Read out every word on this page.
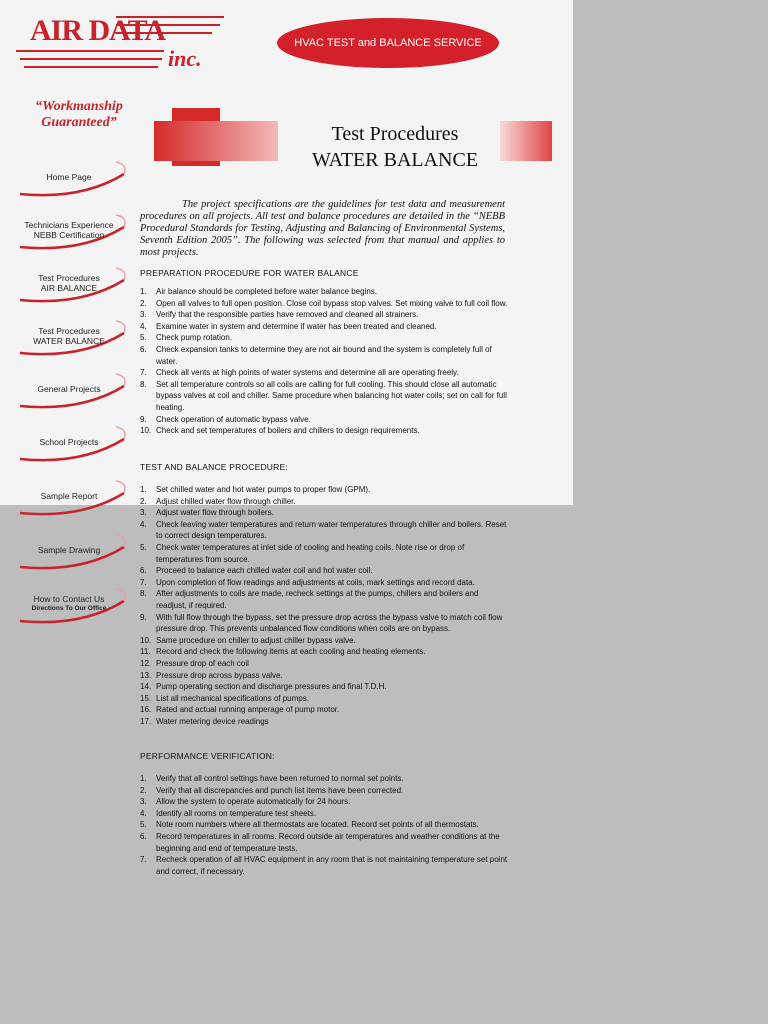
AIR DATA
inc.
HVAC TEST and BALANCE SERVICE
“Workmanship Guaranteed”
Home Page
Technicians Experience
NEBB Certification
Test Procedures
AIR BALANCE
Test Procedures
WATER BALANCE
General Projects
School Projects
Sample Report
Sample Drawing
How to Contact Us
Directions To Our Office
Test Procedures
WATER BALANCE
The project specifications are the guidelines for test data and measurement procedures on all projects. All test and balance procedures are detailed in the “NEBB Procedural Standards for Testing, Adjusting and Balancing of Environmental Systems, Seventh Edition 2005”. The following was selected from that manual and applies to most projects.
PREPARATION PROCEDURE FOR WATER BALANCE
1. Air balance should be completed before water balance begins.
2. Open all valves to full open position. Close coil bypass stop valves. Set mixing valve to full coil flow.
3. Verify that the responsible parties have removed and cleaned all strainers.
4. Examine water in system and determine if water has been treated and cleaned.
5. Check pump rotation.
6. Check expansion tanks to determine they are not air bound and the system is completely full of water.
7. Check all vents at high points of water systems and determine all are operating freely.
8. Set all temperature controls so all coils are calling for full cooling. This should close all automatic bypass valves at coil and chiller. Same procedure when balancing hot water coils; set on call for full heating.
9. Check operation of automatic bypass valve.
10. Check and set temperatures of boilers and chillers to design requirements.
TEST AND BALANCE PROCEDURE:
1. Set chilled water and hot water pumps to proper flow (GPM).
2. Adjust chilled water flow through chiller.
3. Adjust water flow through boilers.
4. Check leaving water temperatures and return water temperatures through chiller and boilers. Reset to correct design temperatures.
5. Check water temperatures at inlet side of cooling and heating coils. Note rise or drop of temperatures from source.
6. Proceed to balance each chilled water coil and hot water coil.
7. Upon completion of flow readings and adjustments at coils, mark settings and record data.
8. After adjustments to coils are made, recheck settings at the pumps, chillers and boilers and readjust, if required.
9. With full flow through the bypass, set the pressure drop across the bypass valve to match coil flow pressure drop. This prevents unbalanced flow conditions when coils are on bypass.
10. Same procedure on chiller to adjust chiller bypass valve.
11. Record and check the following items at each cooling and heating elements.
12. Pressure drop of each coil
13. Pressure drop across bypass valve.
14. Pump operating section and discharge pressures and final T.D.H.
15. List all mechanical specifications of pumps.
16. Rated and actual running amperage of pump motor.
17. Water metering device readings
PERFORMANCE VERIFICATION:
1. Verify that all control settings have been returned to normal set points.
2. Verify that all discrepancies and punch list items have been corrected.
3. Allow the system to operate automatically for 24 hours.
4. Identify all rooms on temperature test sheets.
5. Note room numbers where all thermostats are located. Record set points of all thermostats.
6. Record temperatures in all rooms. Record outside air temperatures and weather conditions at the beginning and end of temperature tests.
7. Recheck operation of all HVAC equipment in any room that is not maintaining temperature set point and correct, if necessary.
